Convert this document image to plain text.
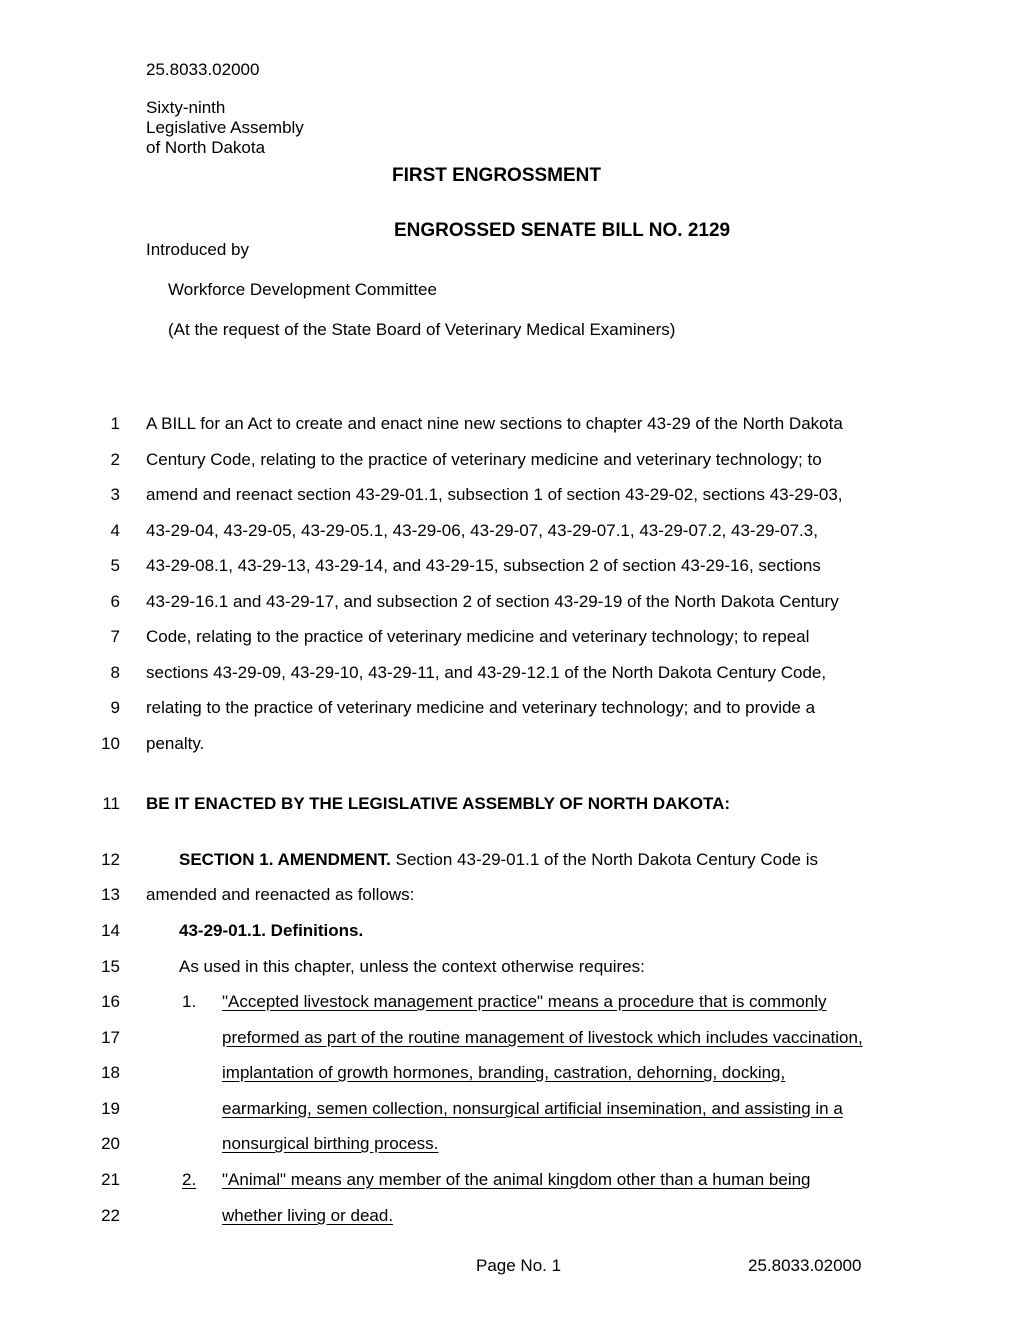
25.8033.02000
Sixty-ninth
Legislative Assembly
of North Dakota
FIRST ENGROSSMENT
ENGROSSED SENATE BILL NO. 2129
Introduced by
Workforce Development Committee
(At the request of the State Board of Veterinary Medical Examiners)
1
2
3
4
5
6
7
8
9
10
11
12
13
14
15
16
17
18
19
20
21
22
A BILL for an Act to create and enact nine new sections to chapter 43-29 of the North Dakota
Century Code, relating to the practice of veterinary medicine and veterinary technology; to
amend and reenact section 43-29-01.1, subsection 1 of section 43-29-02, sections 43-29-03,
43-29-04, 43-29-05, 43-29-05.1, 43-29-06, 43-29-07, 43-29-07.1, 43-29-07.2, 43-29-07.3,
43-29-08.1, 43-29-13, 43-29-14, and 43-29-15, subsection 2 of section 43-29-16, sections
43-29-16.1 and 43-29-17, and subsection 2 of section 43-29-19 of the North Dakota Century
Code, relating to the practice of veterinary medicine and veterinary technology; to repeal
sections 43-29-09, 43-29-10, 43-29-11, and 43-29-12.1 of the North Dakota Century Code,
relating to the practice of veterinary medicine and veterinary technology; and to provide a
penalty.
BE IT ENACTED BY THE LEGISLATIVE ASSEMBLY OF NORTH DAKOTA:
SECTION 1. AMENDMENT. Section 43-29-01.1 of the North Dakota Century Code is
amended and reenacted as follows:
43-29-01.1. Definitions.
As used in this chapter, unless the context otherwise requires:
1. "Accepted livestock management practice" means a procedure that is commonly
preformed as part of the routine management of livestock which includes vaccination,
implantation of growth hormones, branding, castration, dehorning, docking,
earmarking, semen collection, nonsurgical artificial insemination, and assisting in a
nonsurgical birthing process.
2. "Animal" means any member of the animal kingdom other than a human being
whether living or dead.
Page No. 1	25.8033.02000
